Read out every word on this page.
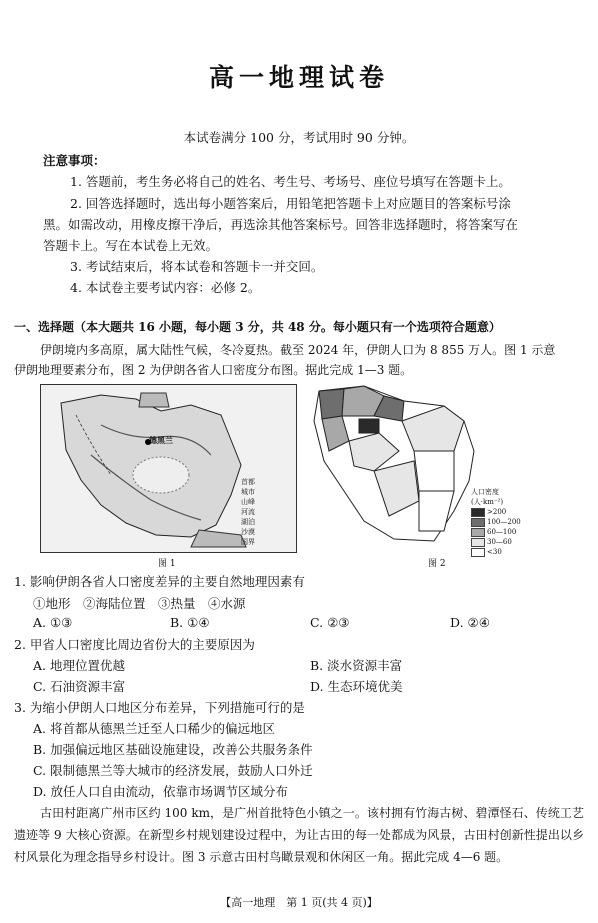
高一地理试卷
本试卷满分 100 分，考试用时 90 分钟。
注意事项：
1. 答题前，考生务必将自己的姓名、考生号、考场号、座位号填写在答题卡上。
2. 回答选择题时，选出每小题答案后，用铅笔把答题卡上对应题目的答案标号涂
黑。如需改动，用橡皮擦干净后，再选涂其他答案标号。回答非选择题时，将答案写在
答题卡上。写在本试卷上无效。
3. 考试结束后，将本试卷和答题卡一并交回。
4. 本试卷主要考试内容：必修 2。
一、选择题（本大题共 16 小题，每小题 3 分，共 48 分。每小题只有一个选项符合题意）
伊朗境内多高原，属大陆性气候，冬冷夏热。截至 2024 年，伊朗人口为 8 855 万人。图 1 示意
伊朗地理要素分布，图 2 为伊朗各省人口密度分布图。据此完成 1—3 题。
德黑兰
首都
城市
山峰
河流
湖泊
沙漠
国界
图 1
人口密度
(人·km⁻²)
>200
100—200
60—100
30—60
<30
图 2
1. 影响伊朗各省人口密度差异的主要自然地理因素有
①地形　②海陆位置　③热量　④水源
A. ①③	B. ①④	C. ②③	D. ②④
2. 甲省人口密度比周边省份大的主要原因为
A. 地理位置优越	B. 淡水资源丰富
C. 石油资源丰富	D. 生态环境优美
3. 为缩小伊朗人口地区分布差异，下列措施可行的是
A. 将首都从德黑兰迁至人口稀少的偏远地区
B. 加强偏远地区基础设施建设，改善公共服务条件
C. 限制德黑兰等大城市的经济发展，鼓励人口外迁
D. 放任人口自由流动，依靠市场调节区域分布
古田村距离广州市区约 100 km，是广州首批特色小镇之一。该村拥有竹海古树、碧潭怪石、传统工艺遗迹等 9 大核心资源。在新型乡村规划建设过程中，为让古田的每一处都成为风景，古田村创新性提出以乡村风景化为理念指导乡村设计。图 3 示意古田村鸟瞰景观和休闲区一角。据此完成 4—6 题。
【高一地理　第 1 页(共 4 页)】
